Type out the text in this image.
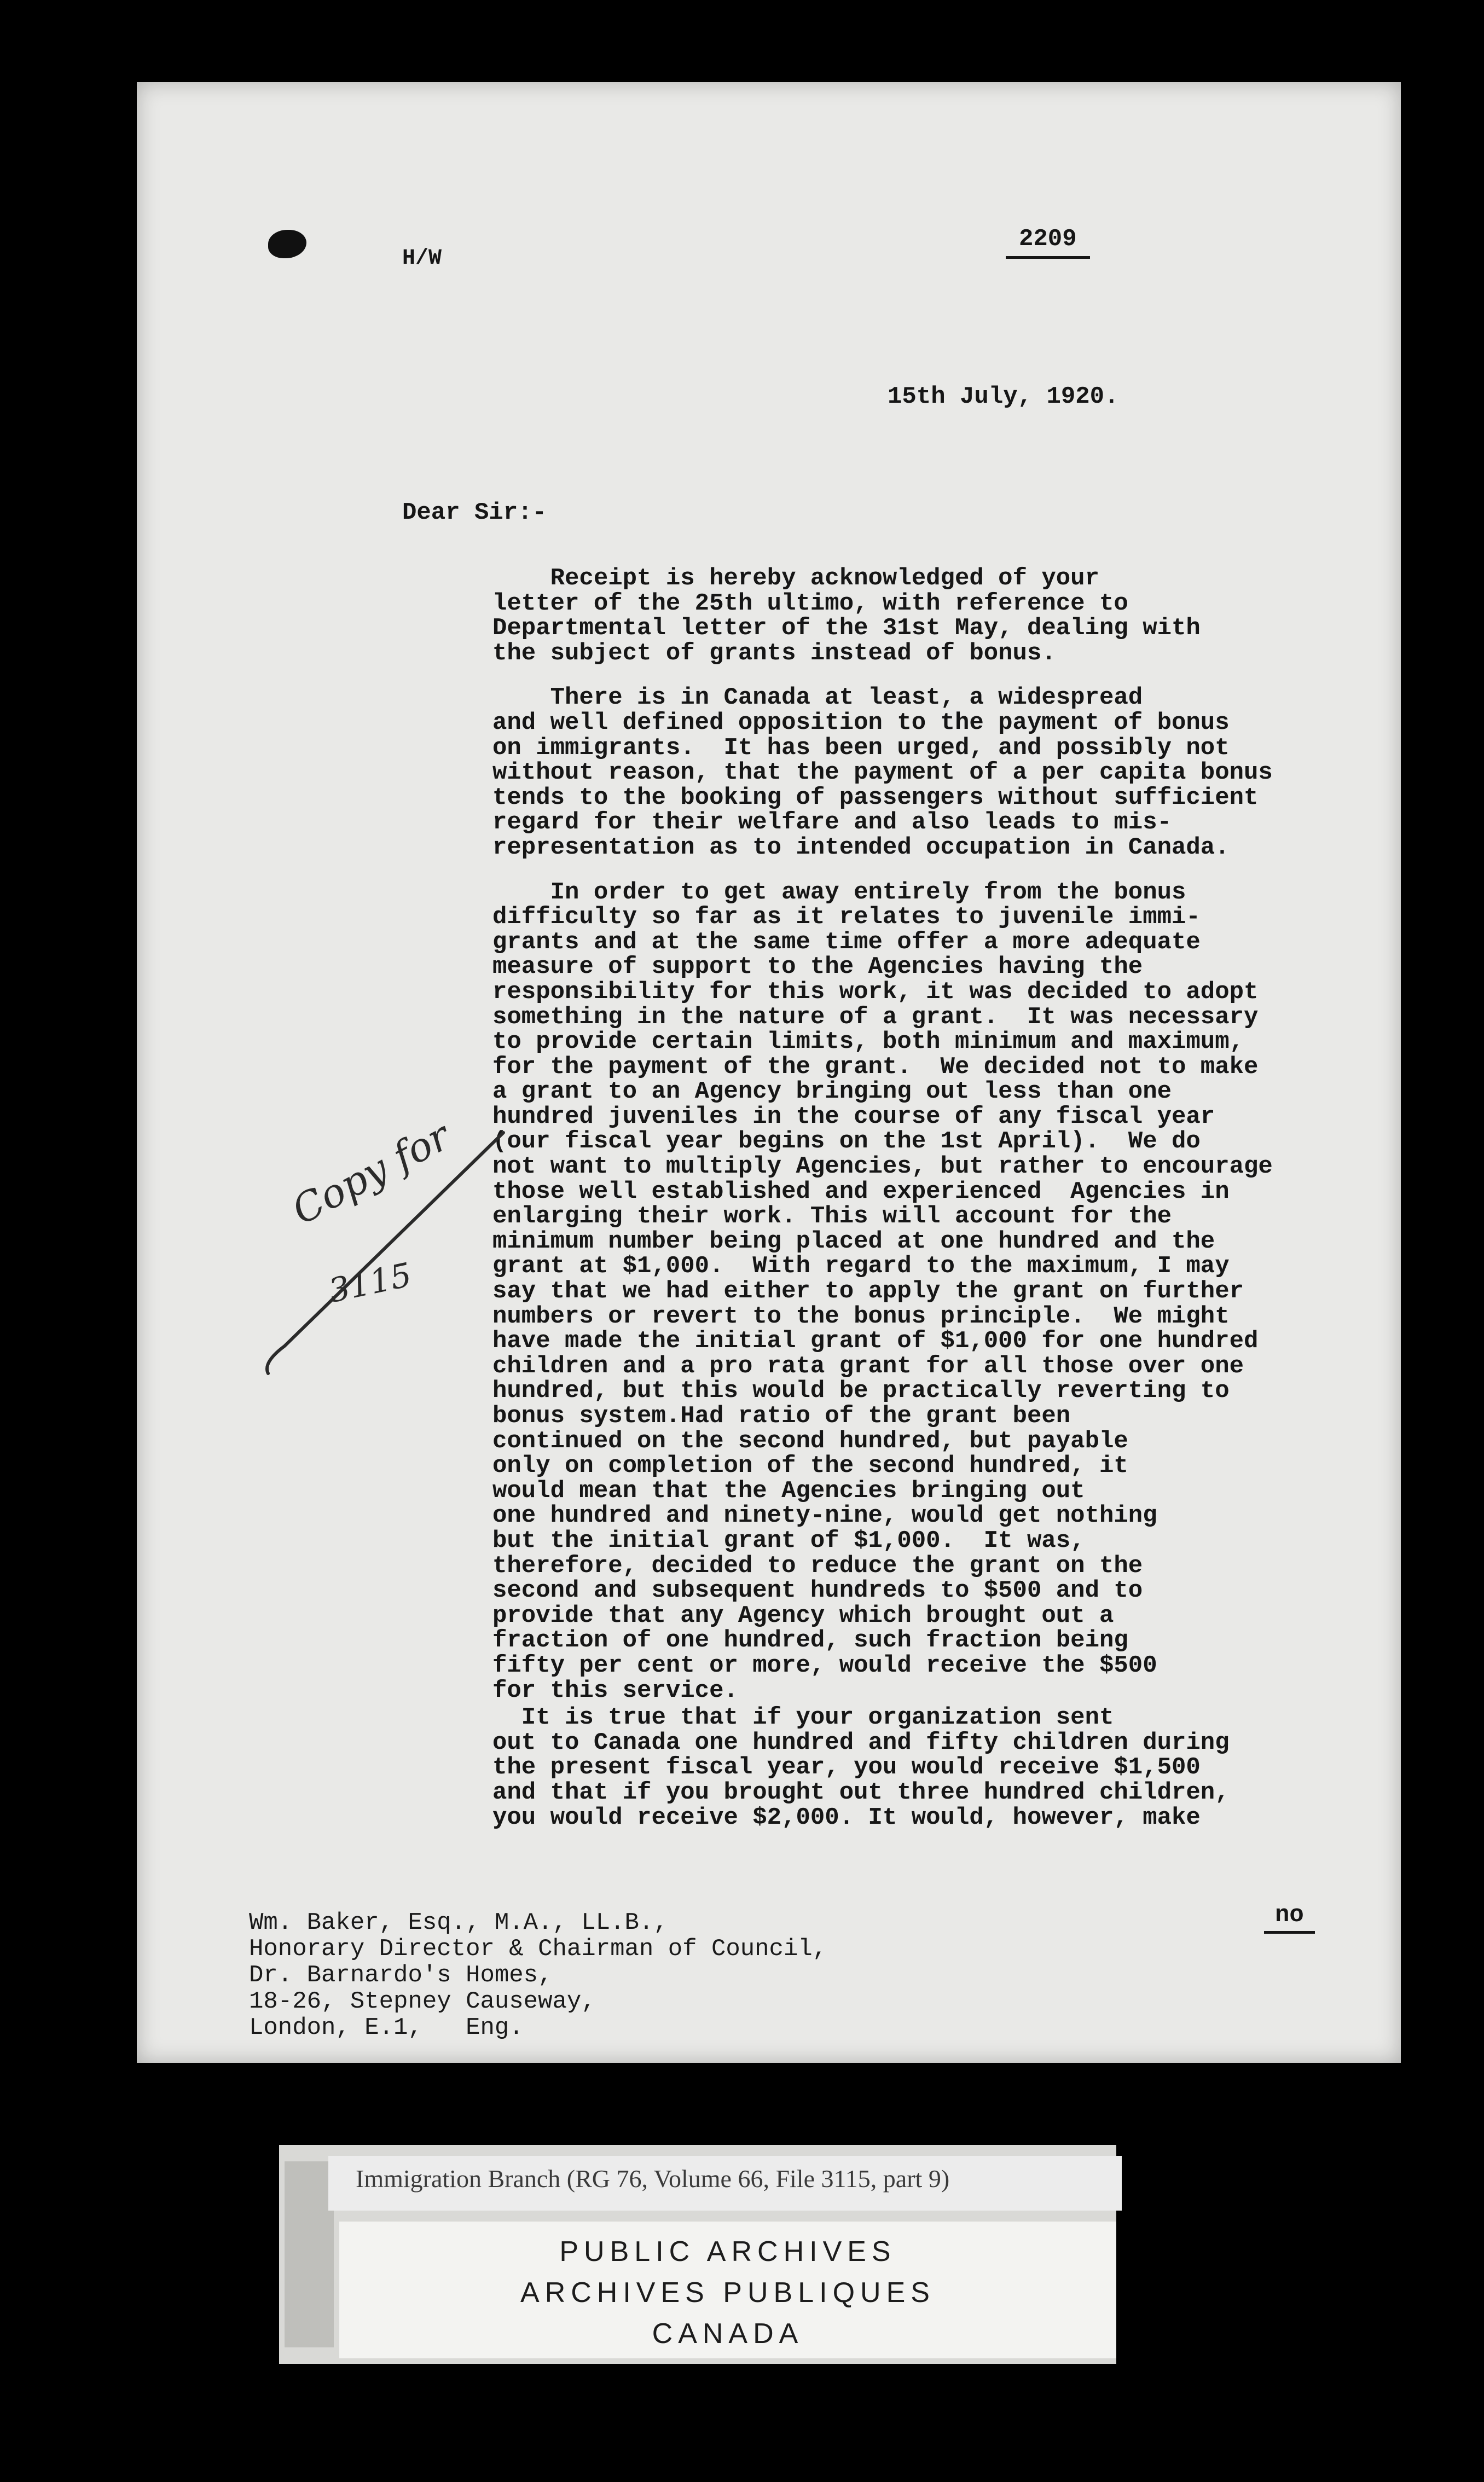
H/W
2209
15th July, 1920.
Dear Sir:-
Receipt is hereby acknowledged of your
letter of the 25th ultimo, with reference to
Departmental letter of the 31st May, dealing with
the subject of grants instead of bonus.
There is in Canada at least, a widespread
and well defined opposition to the payment of bonus
on immigrants.  It has been urged, and possibly not
without reason, that the payment of a per capita bonus
tends to the booking of passengers without sufficient
regard for their welfare and also leads to mis-
representation as to intended occupation in Canada.
In order to get away entirely from the bonus
difficulty so far as it relates to juvenile immi-
grants and at the same time offer a more adequate
measure of support to the Agencies having the
responsibility for this work, it was decided to adopt
something in the nature of a grant.  It was necessary
to provide certain limits, both minimum and maximum,
for the payment of the grant.  We decided not to make
a grant to an Agency bringing out less than one
hundred juveniles in the course of any fiscal year
(our fiscal year begins on the 1st April).  We do
not want to multiply Agencies, but rather to encourage
those well established and experienced  Agencies in
enlarging their work. This will account for the
minimum number being placed at one hundred and the
grant at $1,000.  With regard to the maximum, I may
say that we had either to apply the grant on further
numbers or revert to the bonus principle.  We might
have made the initial grant of $1,000 for one hundred
children and a pro rata grant for all those over one
hundred, but this would be practically reverting to
bonus system.Had ratio of the grant been
continued on the second hundred, but payable
only on completion of the second hundred, it
would mean that the Agencies bringing out
one hundred and ninety-nine, would get nothing
but the initial grant of $1,000.  It was,
therefore, decided to reduce the grant on the
second and subsequent hundreds to $500 and to
provide that any Agency which brought out a
fraction of one hundred, such fraction being
fifty per cent or more, would receive the $500
for this service.
It is true that if your organization sent
out to Canada one hundred and fifty children during
the present fiscal year, you would receive $1,500
and that if you brought out three hundred children,
you would receive $2,000. It would, however, make
no
Wm. Baker, Esq., M.A., LL.B.,
Honorary Director & Chairman of Council,
Dr. Barnardo's Homes,
18-26, Stepney Causeway,
London, E.1,   Eng.
Copy for
3115
Immigration Branch (RG 76, Volume 66, File 3115, part 9)
PUBLIC ARCHIVES
ARCHIVES PUBLIQUES
CANADA
